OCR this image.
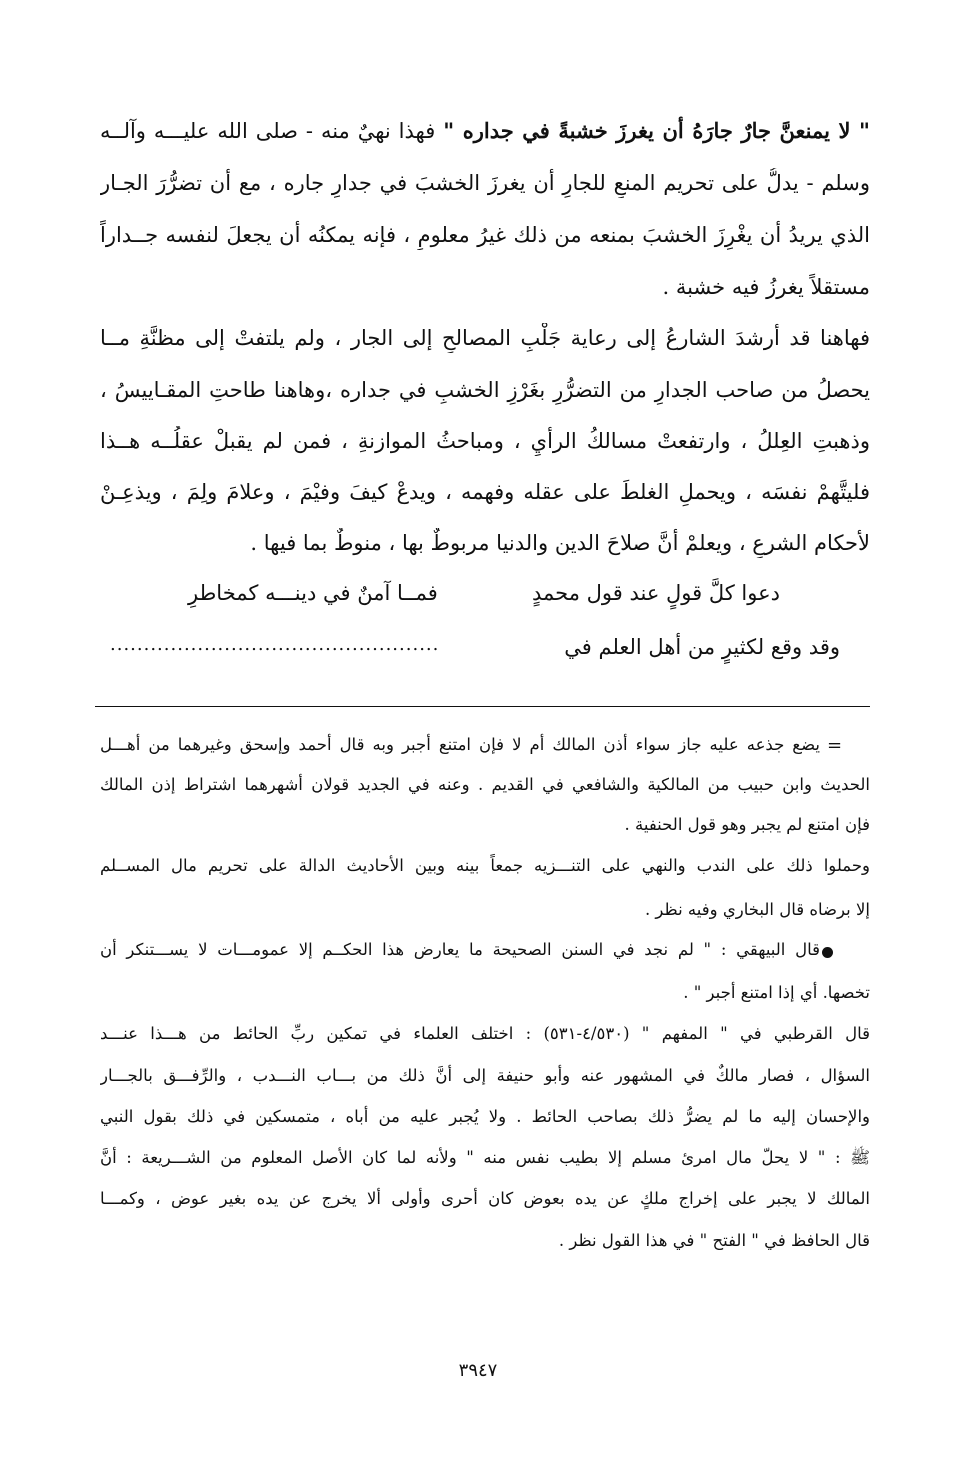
" لا يمنعنَّ جارٌ جارَهُ أن يغرزَ خشبةً في جداره " فهذا نهيٌ منه - صلى الله عليـــه وآلــه
وسلم - يدلُّ على تحريم المنعِ للجارِ أن يغرزَ الخشبَ في جدارِ جاره ، مع أن تضرُّرَ الجـار
الذي يريدُ أن يغْرِزَ الخشبَ بمنعه من ذلك غيرُ معلومٍ ، فإنه يمكنُه أن يجعلَ لنفسه جــداراً
مستقلاً يغرزُ فيه خشبة .
فهاهنا قد أرشدَ الشارعُ إلى رعاية جَلْبِ المصالحِ إلى الجار ، ولم يلتفتْ إلى مظنَّةِ مــا
يحصلُ من صاحب الجدارِ من التضرُّرِ بغَرْزِ الخشبِ في جداره ،وهاهنا طاحتِ المقـاييسُ ،
وذهبتِ العِللُ ، وارتفعتْ مسالكُ الرأيِ ، ومباحثُ الموازنةِ ، فمن لم يقبلْ عقلُــه هــذا
فليتَّهمْ نفسَه ، ويحملِ الغلطَ على عقله وفهمه ، ويدعْ كيفَ وفيْمَ ، وعلامَ ولِمَ ، ويذعِـنْ
لأحكام الشرعِ ، ويعلمْ أنَّ صلاحَ الدين والدنيا مربوطٌ بها ، منوطٌ بما فيها .
دعوا كلَّ قولٍ عند قول محمدٍ
فمــا آمنٌ في دينـــه كمخاطرِ
وقد وقع لكثيرٍ من أهل العلم في
.................................................
=
يضع جذعه عليه جاز سواء أذن المالك أم لا فإن امتنع أجبر وبه قال أحمد وإسحق وغيرهما من أهـــل
الحديث وابن حبيب من المالكية والشافعي في القديم . وعنه في الجديد قولان أشهرهما اشتراط إذن المالك
فإن امتنع لم يجبر وهو قول الحنفية .
وحملوا ذلك على الندب والنهي على التنـــزيه جمعاً بينه وبين الأحاديث الدالة على تحريم مال المســلم
إلا برضاه قال البخاري وفيه نظر .
قال البيهقي : " لم نجد في السنن الصحيحة ما يعارض هذا الحكــم إلا عمومـــات لا يســـتنكر أن
تخصها. أي إذا امتنع أجبر " .
قال القرطبي في " المفهم " (٤/٥٣٠-٥٣١) : اختلف العلماء في تمكين ربِّ الحائط من هـــذا عنـــد
السؤال ، فصار مالكٌ في المشهور عنه وأبو حنيفة إلى أنَّ ذلك من بـــاب النـــدب ، والرِّفـــق بالجـــار
والإحسان إليه ما لم يضرُّ ذلك بصاحب الحائط . ولا يُجبر عليه من أباه ، متمسكين في ذلك بقول النبي
ﷺ : " لا يحلّ مال امرئ مسلم إلا بطيب نفس منه " ولأنه لما كان الأصل المعلوم من الشـــريعة : أنَّ
المالك لا يجبر على إخراج ملكٍ عن يده بعوض كان أحرى وأولى ألا يخرج عن يده بغير عوض ، وكمـــا
قال الحافظ في " الفتح " في هذا القول نظر .
٣٩٤٧
